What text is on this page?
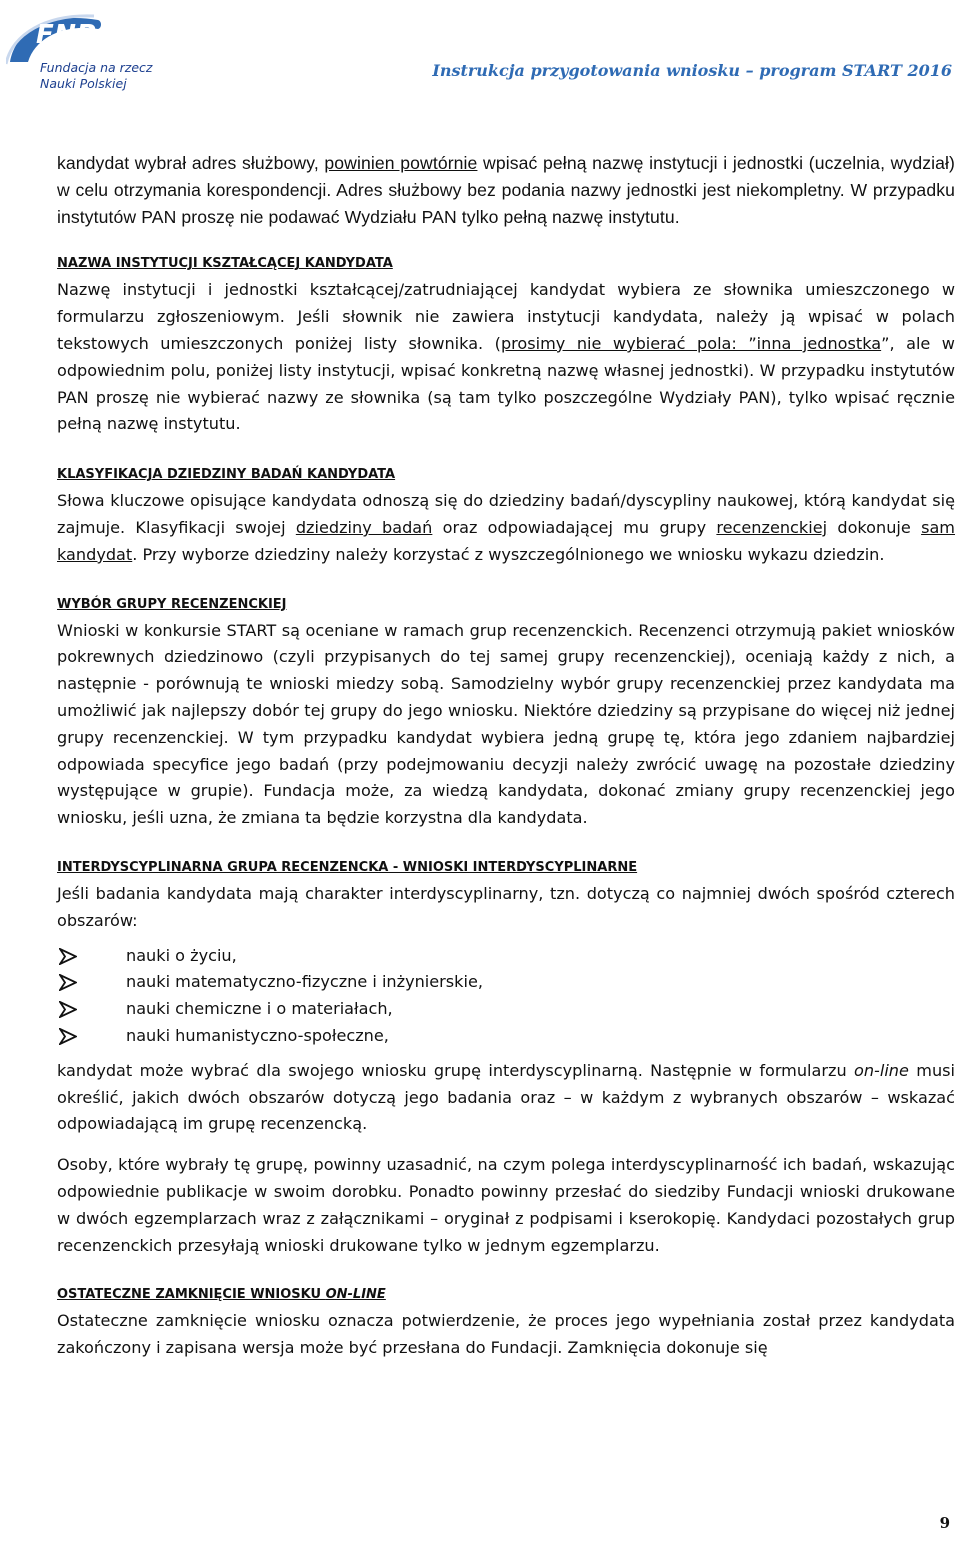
FNP
Fundacja na rzecz
Nauki Polskiej
Instrukcja przygotowania wniosku – program START 2016

kandydat wybrał adres służbowy, powinien powtórnie wpisać pełną nazwę instytucji i jednostki (uczelnia, wydział) w celu otrzymania korespondencji. Adres służbowy bez podania nazwy jednostki jest niekompletny. W przypadku instytutów PAN proszę nie podawać Wydziału PAN tylko pełną nazwę instytutu.

NAZWA INSTYTUCJI KSZTAŁCĄCEJ KANDYDATA

Nazwę instytucji i jednostki kształcącej/zatrudniającej kandydat wybiera ze słownika umieszczonego w formularzu zgłoszeniowym. Jeśli słownik nie zawiera instytucji kandydata, należy ją wpisać w polach tekstowych umieszczonych poniżej listy słownika. (prosimy nie wybierać pola: ”inna jednostka”, ale w odpowiednim polu, poniżej listy instytucji, wpisać konkretną nazwę własnej jednostki). W przypadku instytutów PAN proszę nie wybierać nazwy ze słownika (są tam tylko poszczególne Wydziały PAN), tylko wpisać ręcznie pełną nazwę instytutu.

KLASYFIKACJA DZIEDZINY BADAŃ KANDYDATA

Słowa kluczowe opisujące kandydata odnoszą się do dziedziny badań/dyscypliny naukowej, którą kandydat się zajmuje. Klasyfikacji swojej dziedziny badań oraz odpowiadającej mu grupy recenzenckiej dokonuje sam kandydat. Przy wyborze dziedziny należy korzystać z wyszczególnionego we wniosku wykazu dziedzin.

WYBÓR GRUPY RECENZENCKIEJ

Wnioski w konkursie START są oceniane w ramach grup recenzenckich. Recenzenci otrzymują pakiet wniosków pokrewnych dziedzinowo (czyli przypisanych do tej samej grupy recenzenckiej), oceniają każdy z nich, a następnie - porównują te wnioski miedzy sobą. Samodzielny wybór grupy recenzenckiej przez kandydata ma umożliwić jak najlepszy dobór tej grupy do jego wniosku. Niektóre dziedziny są przypisane do więcej niż jednej grupy recenzenckiej. W tym przypadku kandydat wybiera jedną grupę tę, która jego zdaniem najbardziej odpowiada specyfice jego badań (przy podejmowaniu decyzji należy zwrócić uwagę na pozostałe dziedziny występujące w grupie). Fundacja może, za wiedzą kandydata, dokonać zmiany grupy recenzenckiej jego wniosku, jeśli uzna, że zmiana ta będzie korzystna dla kandydata.

INTERDYSCYPLINARNA GRUPA RECENZENCKA - WNIOSKI INTERDYSCYPLINARNE

Jeśli badania kandydata mają charakter interdyscyplinarny, tzn. dotyczą co najmniej dwóch spośród czterech obszarów:

nauki o życiu,
nauki matematyczno-fizyczne i inżynierskie,
nauki chemiczne i o materiałach,
nauki humanistyczno-społeczne,

kandydat może wybrać dla swojego wniosku grupę interdyscyplinarną. Następnie w formularzu on-line musi określić, jakich dwóch obszarów dotyczą jego badania oraz – w każdym z wybranych obszarów – wskazać odpowiadającą im grupę recenzencką.

Osoby, które wybrały tę grupę, powinny uzasadnić, na czym polega interdyscyplinarność ich badań, wskazując odpowiednie publikacje w swoim dorobku. Ponadto powinny przesłać do siedziby Fundacji wnioski drukowane w dwóch egzemplarzach wraz z załącznikami – oryginał z podpisami i kserokopię. Kandydaci pozostałych grup recenzenckich przesyłają wnioski drukowane tylko w jednym egzemplarzu.

OSTATECZNE ZAMKNIĘCIE WNIOSKU ON-LINE

Ostateczne zamknięcie wniosku oznacza potwierdzenie, że proces jego wypełniania został przez kandydata zakończony i zapisana wersja może być przesłana do Fundacji. Zamknięcia dokonuje się

9
